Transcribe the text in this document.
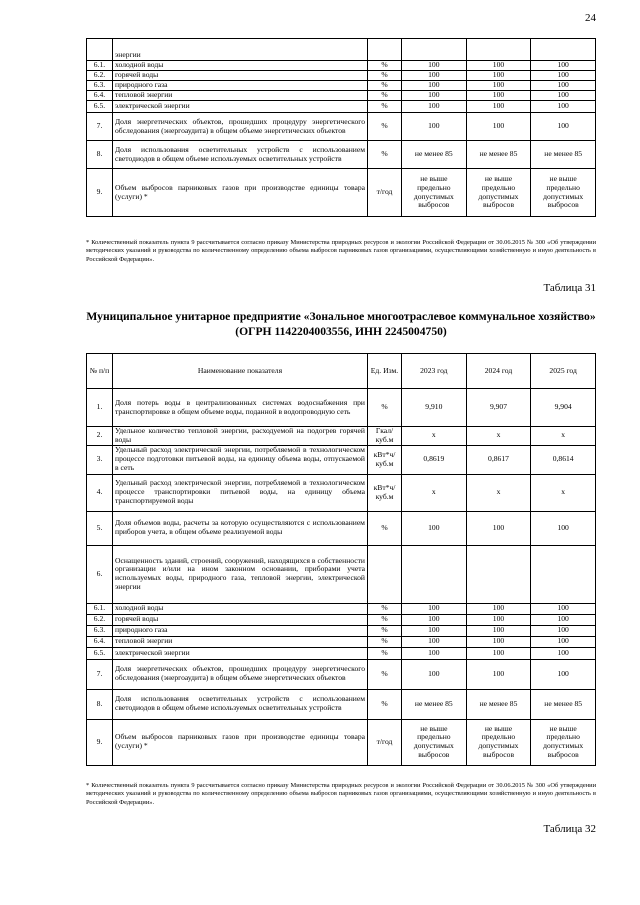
24
	энергии				
6.1.	холодной воды	%	100	100	100
6.2.	горячей воды	%	100	100	100
6.3.	природного газа	%	100	100	100
6.4.	тепловой энергии	%	100	100	100
6.5.	электрической энергии	%	100	100	100
7.	Доля энергетических объектов, прошедших процедуру энергетического обследования (энергоаудита) в общем объеме энергетических объектов	%	100	100	100
8.	Доля использования осветительных устройств с использованием светодиодов в общем объеме используемых осветительных устройств	%	не менее 85	не менее 85	не менее 85
9.	Объем выбросов парниковых газов при производстве единицы товара (услуги) *	т/год	не выше предельно допустимых выбросов	не выше предельно допустимых выбросов	не выше предельно допустимых выбросов
* Количественный показатель пункта 9 рассчитывается согласно приказу Министерства природных ресурсов и экологии Российской Федерации от 30.06.2015 № 300 «Об утверждении методических указаний и руководства по количественному определению объема выбросов парниковых газов организациями, осуществляющими хозяйственную и иную деятельность в Российской Федерации».
Таблица 31
Муниципальное унитарное предприятие «Зональное многоотраслевое коммунальное хозяйство» (ОГРН 1142204003556, ИНН 2245004750)
№ п/п	Наименование показателя	Ед. Изм.	2023 год	2024 год	2025 год
1.	Доля потерь воды в централизованных системах водоснабжения при транспортировке в общем объеме воды, поданной в водопроводную сеть	%	9,910	9,907	9,904
2.	Удельное количество тепловой энергии, расходуемой на подогрев горячей воды	Гкал/ куб.м	х	х	х
3.	Удельный расход электрической энергии, потребляемой в технологическом процессе подготовки питьевой воды, на единицу объема воды, отпускаемой в сеть	кВт*ч/ куб.м	0,8619	0,8617	0,8614
4.	Удельный расход электрической энергии, потребляемой в технологическом процессе транспортировки питьевой воды, на единицу объема транспортируемой воды	кВт*ч/ куб.м	х	х	х
5.	Доля объемов воды, расчеты за которую осуществляются с использованием приборов учета, в общем объеме реализуемой воды	%	100	100	100
6.	Оснащенность зданий, строений, сооружений, находящихся в собственности организации и/или на ином законном основании, приборами учета используемых воды, природного газа, тепловой энергии, электрической энергии				
6.1.	холодной воды	%	100	100	100
6.2.	горячей воды	%	100	100	100
6.3.	природного газа	%	100	100	100
6.4.	тепловой энергии	%	100	100	100
6.5.	электрической энергии	%	100	100	100
7.	Доля энергетических объектов, прошедших процедуру энергетического обследования (энергоаудита) в общем объеме энергетических объектов	%	100	100	100
8.	Доля использования осветительных устройств с использованием светодиодов в общем объеме используемых осветительных устройств	%	не менее 85	не менее 85	не менее 85
9.	Объем выбросов парниковых газов при производстве единицы товара (услуги) *	т/год	не выше предельно допустимых выбросов	не выше предельно допустимых выбросов	не выше предельно допустимых выбросов
* Количественный показатель пункта 9 рассчитывается согласно приказу Министерства природных ресурсов и экологии Российской Федерации от 30.06.2015 № 300 «Об утверждении методических указаний и руководства по количественному определению объема выбросов парниковых газов организациями, осуществляющими хозяйственную и иную деятельность в Российской Федерации».
Таблица 32
